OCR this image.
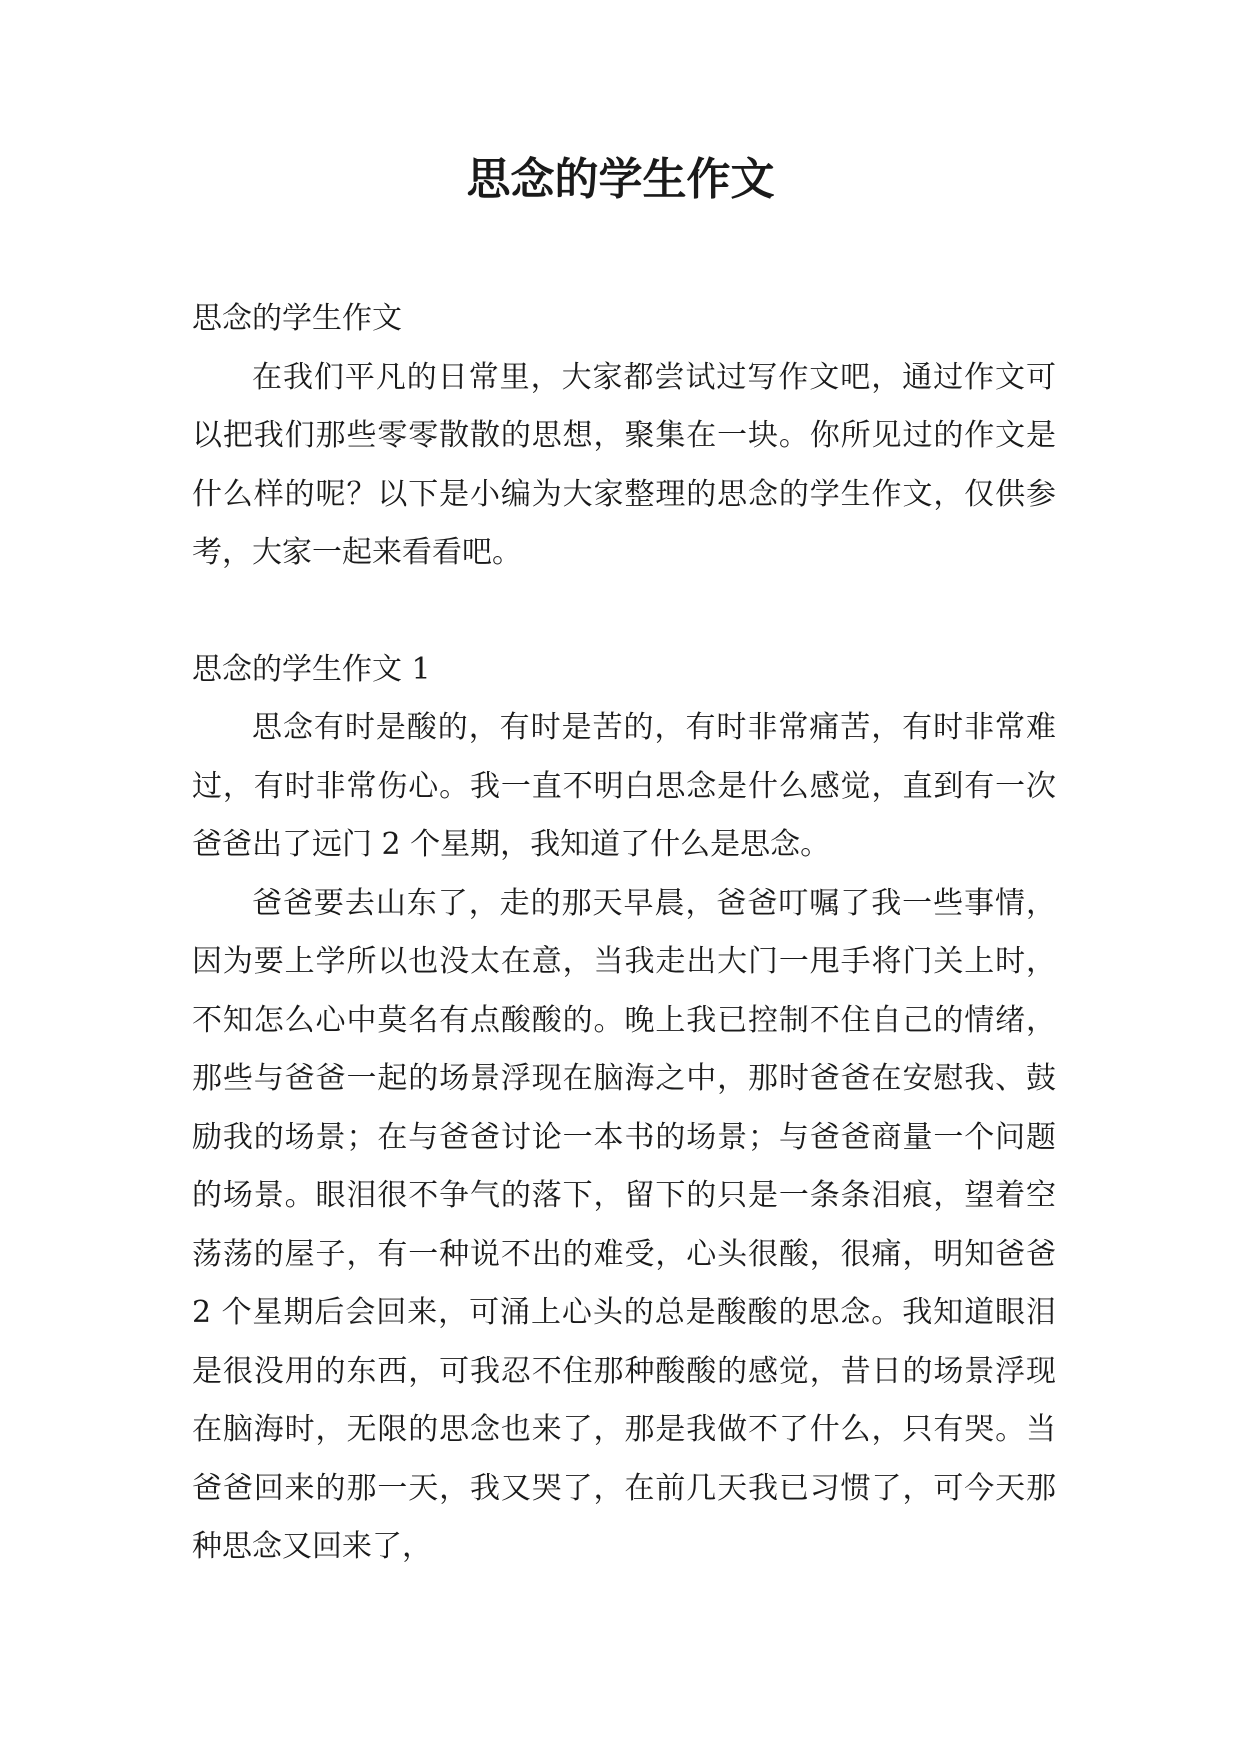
思念的学生作文

思念的学生作文

在我们平凡的日常里，大家都尝试过写作文吧，通过作文可以把我们那些零零散散的思想，聚集在一块。你所见过的作文是什么样的呢？以下是小编为大家整理的思念的学生作文，仅供参考，大家一起来看看吧。

思念的学生作文 1

思念有时是酸的，有时是苦的，有时非常痛苦，有时非常难过，有时非常伤心。我一直不明白思念是什么感觉，直到有一次爸爸出了远门 2 个星期，我知道了什么是思念。

爸爸要去山东了，走的那天早晨，爸爸叮嘱了我一些事情，因为要上学所以也没太在意，当我走出大门一甩手将门关上时，不知怎么心中莫名有点酸酸的。晚上我已控制不住自己的情绪，那些与爸爸一起的场景浮现在脑海之中，那时爸爸在安慰我、鼓励我的场景；在与爸爸讨论一本书的场景；与爸爸商量一个问题的场景。眼泪很不争气的落下，留下的只是一条条泪痕，望着空荡荡的屋子，有一种说不出的难受，心头很酸，很痛，明知爸爸 2 个星期后会回来，可涌上心头的总是酸酸的思念。我知道眼泪是很没用的东西，可我忍不住那种酸酸的感觉，昔日的场景浮现在脑海时，无限的思念也来了，那是我做不了什么，只有哭。当爸爸回来的那一天，我又哭了，在前几天我已习惯了，可今天那种思念又回来了，
